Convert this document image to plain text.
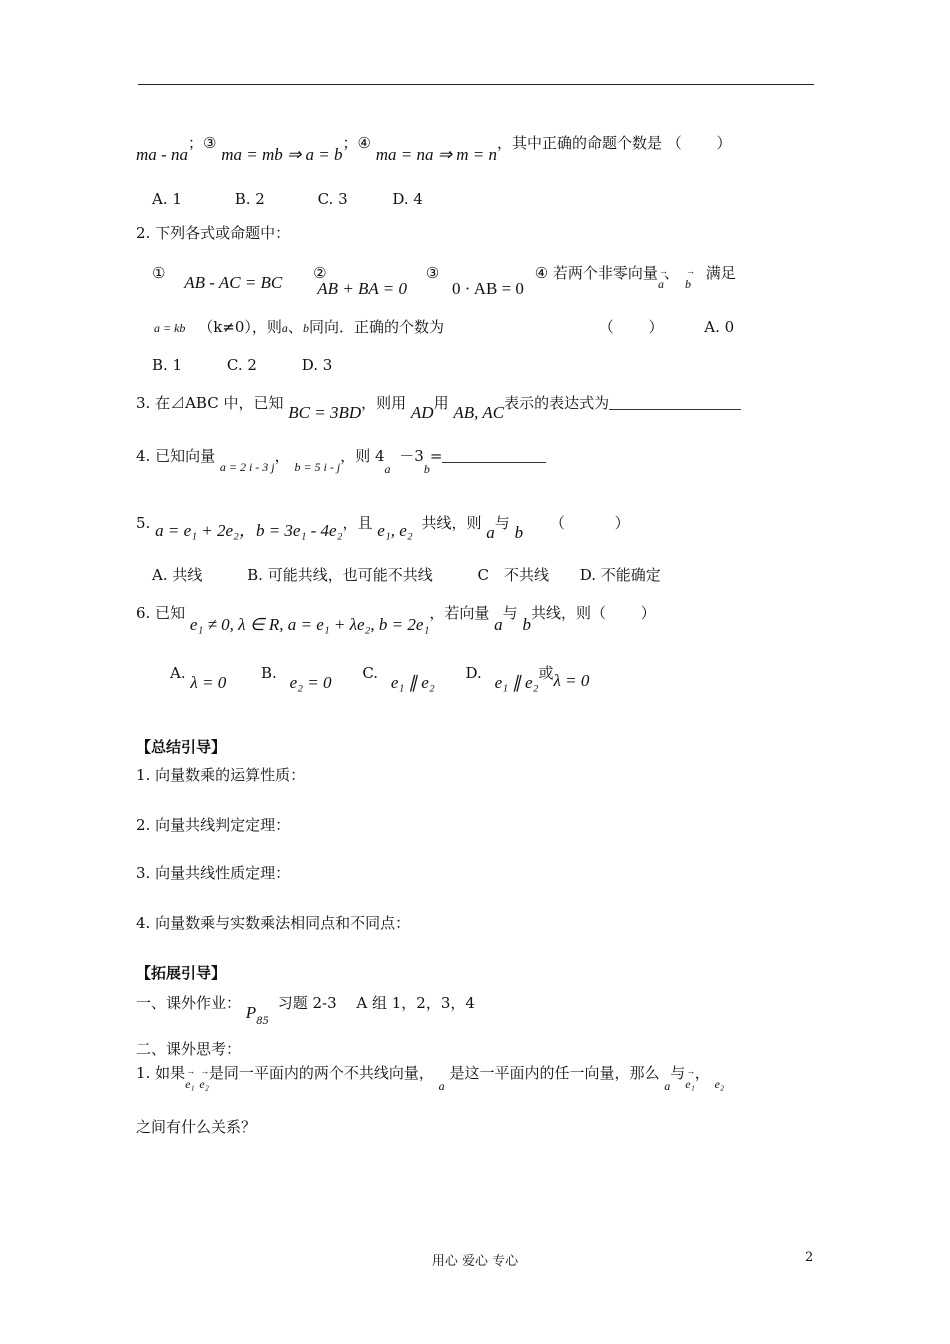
ma - na；③ ma = mb ⇒ a = b；④ ma = na ⇒ m = n，其中正确的命题个数是 （ 　　）
A. 1	B. 2	C. 3	D. 4
2. 下列各式或命题中：
① AB - AC = BC ② AB + BA = 0 ③ 0 · AB = 0 ④ 若两个非零向量→ a、→ b 满足
a = kb （k≠0），则a、b同向．正确的个数为	（ 　　）	A. 0
B. 1	C. 2	D. 3
3. 在⊿ABC 中，已知 BC = 3BD，则用 AD用 AB, AC表示的表达式为
4. 已知向量 $_{a = 2 i - 3 j}$， $_{b = 5 i - j}$，则 $4_a -3_b=$
5. a = e₁ + 2e₂，b = 3e₁ - 4e₂，且 e₁, e₂ 共线，则 a与 b （ 　　　）
A. 共线	B. 可能共线，也可能不共线	C　不共线 D. 不能确定
6. 已知 e₁ ≠ 0, λ ∈ R, a = e₁ + λe₂, b = 2e₁，若向量 a与 b共线，则（ 　　）
A. λ = 0 B. e₂ = 0 C. e₁ ∥ e₂ D. e₁ ∥ e₂或λ = 0
【总结引导】
1. 向量数乘的运算性质：
2. 向量共线判定定理：
3. 向量共线性质定理：
4. 向量数乘与实数乘法相同点和不同点：
【拓展引导】
一、课外作业： $P_{85}$ 习题 2-3　 A 组 1，2，3，4
二、课外思考：
1. 如果→ e₁ → e₂是同一平面内的两个不共线向量， $_a$ 是这一平面内的任一向量，那么 $_a$与→ e₁， $_{e_2}$
之间有什么关系？
用心 爱心 专心	2
